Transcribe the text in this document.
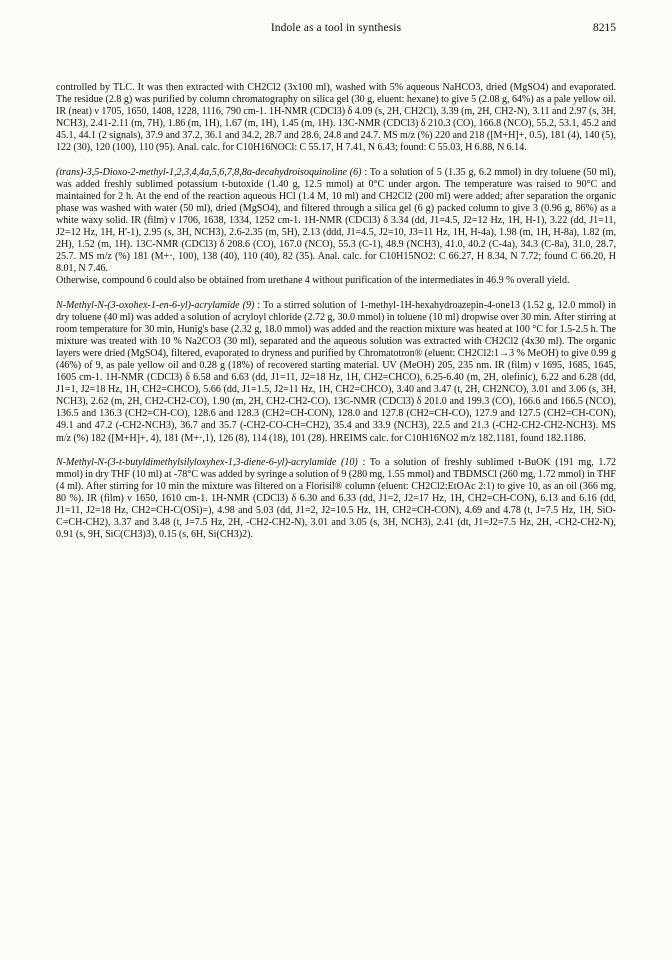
Indole as a tool in synthesis	8215

controlled by TLC. It was then extracted with CH2Cl2 (3x100 ml), washed with 5% aqueous NaHCO3, dried (MgSO4) and evaporated. The residue (2.8 g) was purified by column chromatography on silica gel (30 g, eluent: hexane) to give 5 (2.08 g, 64%) as a pale yellow oil. IR (neat) ν 1705, 1650, 1408, 1228, 1116, 790 cm-1. 1H-NMR (CDCl3) δ 4.09 (s, 2H, CH2Cl), 3.39 (m, 2H, CH2-N), 3.11 and 2.97 (s, 3H, NCH3), 2.41-2.11 (m, 7H), 1.86 (m, 1H), 1.67 (m, 1H), 1.45 (m, 1H). 13C-NMR (CDCl3) δ 210.3 (CO), 166.8 (NCO), 55.2, 53.1, 45.2 and 45.1, 44.1 (2 signals), 37.9 and 37.2, 36.1 and 34.2, 28.7 and 28.6, 24.8 and 24.7. MS m/z (%) 220 and 218 ([M+H]+, 0.5), 181 (4), 140 (5), 122 (30), 120 (100), 110 (95). Anal. calc. for C10H16NOCl: C 55.17, H 7.41, N 6.43; found: C 55.03, H 6.88, N 6.14.

(trans)-3,5-Dioxo-2-methyl-1,2,3,4,4a,5,6,7,8,8a-decahydroisoquinoline (6) : To a solution of 5 (1.35 g, 6.2 mmol) in dry toluene (50 ml), was added freshly sublimed potassium t-butoxide (1.40 g, 12.5 mmol) at 0°C under argon. The temperature was raised to 90°C and maintained for 2 h. At the end of the reaction aqueous HCl (1.4 M, 10 ml) and CH2Cl2 (200 ml) were added; after separation the organic phase was washed with water (50 ml), dried (MgSO4), and filtered through a silica gel (6 g) packed column to give 3 (0.96 g, 86%) as a white waxy solid. IR (film) ν 1706, 1638, 1334, 1252 cm-1. 1H-NMR (CDCl3) δ 3.34 (dd, J1=4.5, J2=12 Hz, 1H, H-1), 3.22 (dd, J1=11, J2=12 Hz, 1H, H'-1), 2.95 (s, 3H, NCH3), 2.6-2.35 (m, 5H), 2.13 (ddd, J1=4.5, J2=10, J3=11 Hz, 1H, H-4a), 1.98 (m, 1H, H-8a), 1.82 (m, 2H), 1.52 (m, 1H). 13C-NMR (CDCl3) δ 208.6 (CO), 167.0 (NCO), 55.3 (C-1), 48.9 (NCH3), 41.0, 40.2 (C-4a), 34.3 (C-8a), 31.0, 28.7, 25.7. MS m/z (%) 181 (M+·, 100), 138 (40), 110 (40), 82 (35). Anal. calc. for C10H15NO2: C 66.27, H 8.34, N 7.72; found C 66.20, H 8.01, N 7.46.

Otherwise, compound 6 could also be obtained from urethane 4 without purification of the intermediates in 46.9 % overall yield.

N-Methyl-N-(3-oxohex-1-en-6-yl)-acrylamide (9) : To a stirred solution of 1-methyl-1H-hexahydroazepin-4-one13 (1.52 g, 12.0 mmol) in dry toluene (40 ml) was added a solution of acryloyl chloride (2.72 g, 30.0 mmol) in toluene (10 ml) dropwise over 30 min. After stirring at room temperature for 30 min, Hunig's base (2.32 g, 18.0 mmol) was added and the reaction mixture was heated at 100 °C for 1.5-2.5 h. The mixture was treated with 10 % Na2CO3 (30 ml), separated and the aqueous solution was extracted with CH2Cl2 (4x30 ml). The organic layers were dried (MgSO4), filtered, evaporated to dryness and purified by Chromatotron® (eluent: CH2Cl2:1→3 % MeOH) to give 0.99 g (46%) of 9, as pale yellow oil and 0.28 g (18%) of recovered starting material. UV (MeOH) 205, 235 nm. IR (film) ν 1695, 1685, 1645, 1605 cm-1. 1H-NMR (CDCl3) δ 6.58 and 6.63 (dd, J1=11, J2=18 Hz, 1H, CH2=CHCO), 6.25-6.40 (m, 2H, olefinic), 6.22 and 6.28 (dd, J1=1, J2=18 Hz, 1H, CH2=CHCO), 5.66 (dd, J1=1.5, J2=11 Hz, 1H, CH2=CHCO), 3.40 and 3.47 (t, 2H, CH2NCO), 3.01 and 3.06 (s, 3H, NCH3), 2.62 (m, 2H, CH2-CH2-CO), 1.90 (m, 2H, CH2-CH2-CO). 13C-NMR (CDCl3) δ 201.0 and 199.3 (CO), 166.6 and 166.5 (NCO), 136.5 and 136.3 (CH2=CH-CO), 128.6 and 128.3 (CH2=CH-CON), 128.0 and 127.8 (CH2=CH-CO), 127.9 and 127.5 (CH2=CH-CON), 49.1 and 47.2 (-CH2-NCH3), 36.7 and 35.7 (-CH2-CO-CH=CH2), 35.4 and 33.9 (NCH3), 22.5 and 21.3 (-CH2-CH2-CH2-NCH3). MS m/z (%) 182 ([M+H]+, 4), 181 (M+·,1), 126 (8), 114 (18), 101 (28). HREIMS calc. for C10H16NO2 m/z 182.1181, found 182.1186.

N-Methyl-N-(3-t-butyldimethylsilyloxyhex-1,3-diene-6-yl)-acrylamide (10) : To a solution of freshly sublimed t-BuOK (191 mg, 1.72 mmol) in dry THF (10 ml) at -78°C was added by syringe a solution of 9 (280 mg, 1.55 mmol) and TBDMSCl (260 mg, 1.72 mmol) in THF (4 ml). After stirring for 10 min the mixture was filtered on a Florisil® column (eluent: CH2Cl2:EtOAc 2:1) to give 10, as an oil (366 mg, 80 %). IR (film) ν 1650, 1610 cm-1. 1H-NMR (CDCl3) δ 6.30 and 6.33 (dd, J1=2, J2=17 Hz, 1H, CH2=CH-CON), 6.13 and 6.16 (dd, J1=11, J2=18 Hz, CH2=CH-C(OSi)=), 4.98 and 5.03 (dd, J1=2, J2=10.5 Hz, 1H, CH2=CH-CON), 4.69 and 4.78 (t, J=7.5 Hz, 1H, SiO-C=CH-CH2), 3.37 and 3.48 (t, J=7.5 Hz, 2H, -CH2-CH2-N), 3.01 and 3.05 (s, 3H, NCH3), 2.41 (dt, J1=J2=7.5 Hz, 2H, -CH2-CH2-N), 0.91 (s, 9H, SiC(CH3)3), 0.15 (s, 6H, Si(CH3)2).
